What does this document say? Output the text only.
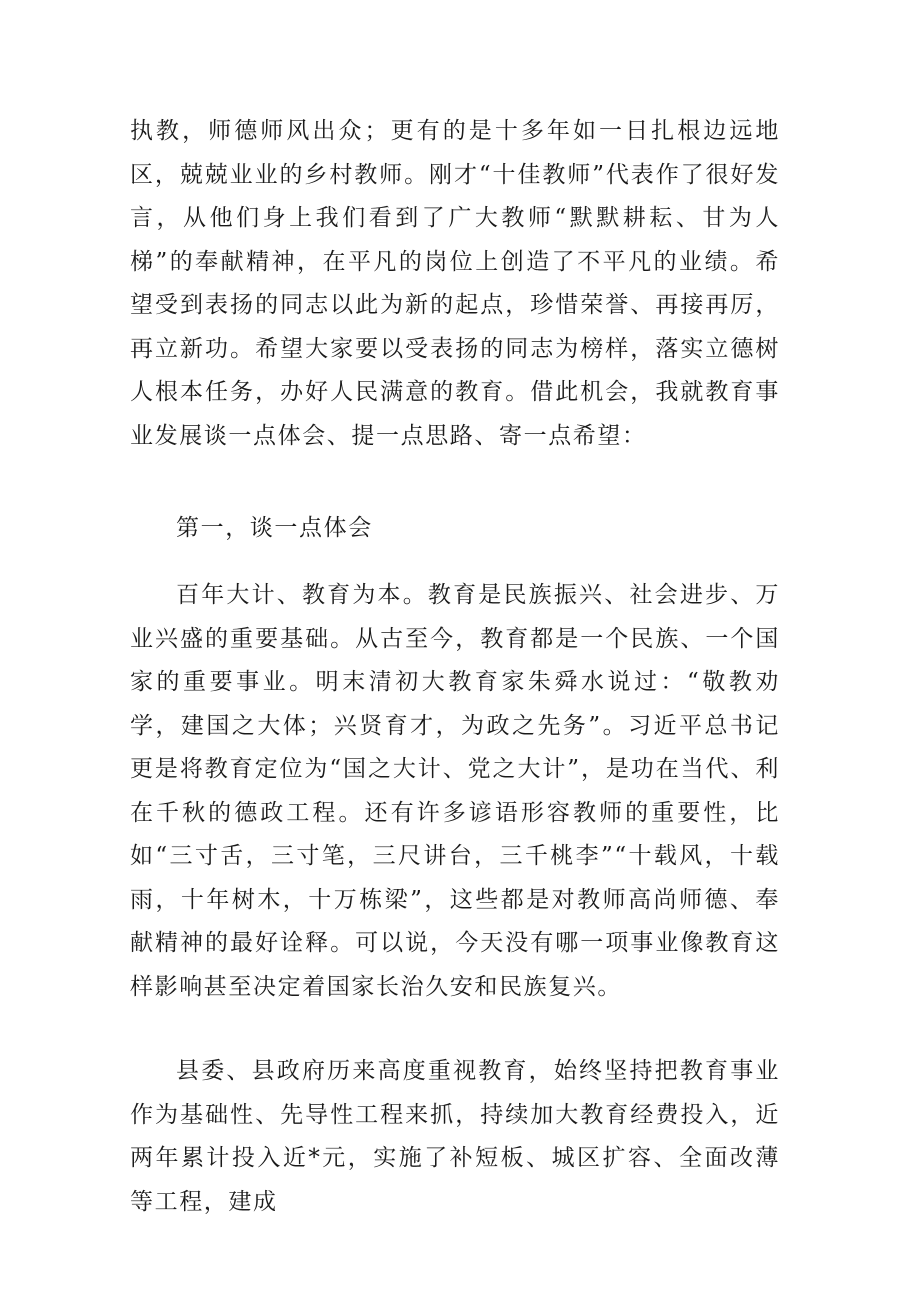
执教，师德师风出众；更有的是十多年如一日扎根边远地区，兢兢业业的乡村教师。刚才“十佳教师”代表作了很好发言，从他们身上我们看到了广大教师“默默耕耘、甘为人梯”的奉献精神，在平凡的岗位上创造了不平凡的业绩。希望受到表扬的同志以此为新的起点，珍惜荣誉、再接再厉，再立新功。希望大家要以受表扬的同志为榜样，落实立德树人根本任务，办好人民满意的教育。借此机会，我就教育事业发展谈一点体会、提一点思路、寄一点希望：

第一，谈一点体会

百年大计、教育为本。教育是民族振兴、社会进步、万业兴盛的重要基础。从古至今，教育都是一个民族、一个国家的重要事业。明末清初大教育家朱舜水说过：“敬教劝学，建国之大体；兴贤育才，为政之先务”。习近平总书记更是将教育定位为“国之大计、党之大计”，是功在当代、利在千秋的德政工程。还有许多谚语形容教师的重要性，比如“三寸舌，三寸笔，三尺讲台，三千桃李”“十载风，十载雨，十年树木，十万栋梁”，这些都是对教师高尚师德、奉献精神的最好诠释。可以说，今天没有哪一项事业像教育这样影响甚至决定着国家长治久安和民族复兴。

县委、县政府历来高度重视教育，始终坚持把教育事业作为基础性、先导性工程来抓，持续加大教育经费投入，近两年累计投入近*元，实施了补短板、城区扩容、全面改薄等工程，建成
